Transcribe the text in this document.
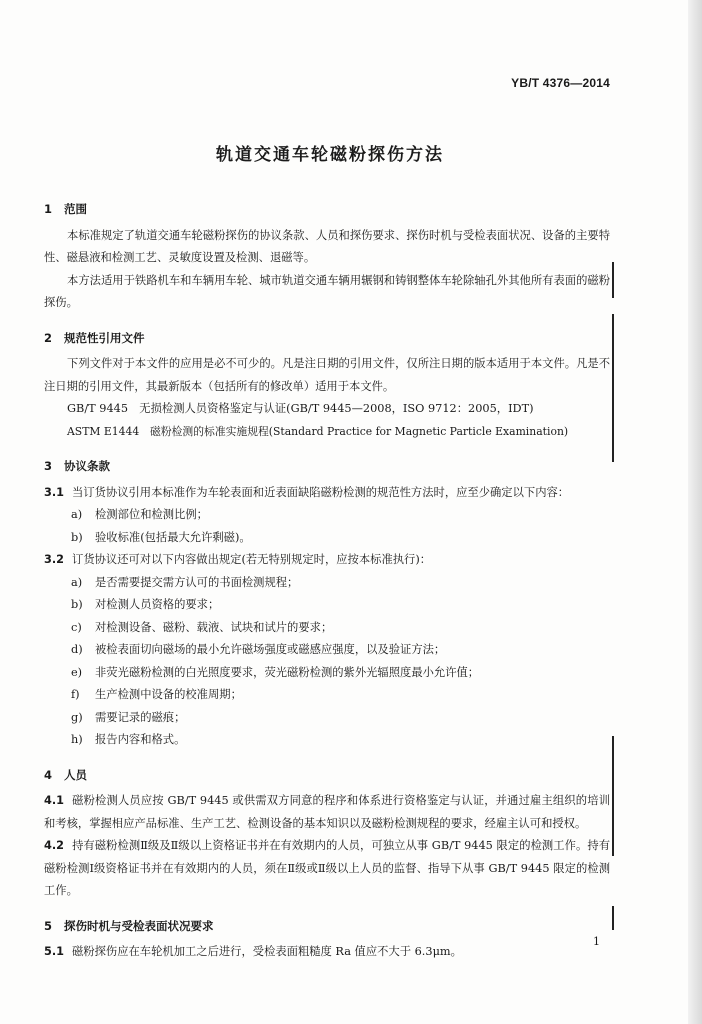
YB/T 4376—2014
轨道交通车轮磁粉探伤方法
1 范围

本标准规定了轨道交通车轮磁粉探伤的协议条款、人员和探伤要求、探伤时机与受检表面状况、设备的主要特性、磁悬液和检测工艺、灵敏度设置及检测、退磁等。

本方法适用于铁路机车和车辆用车轮、城市轨道交通车辆用辗钢和铸钢整体车轮除轴孔外其他所有表面的磁粉探伤。

2 规范性引用文件

下列文件对于本文件的应用是必不可少的。凡是注日期的引用文件，仅所注日期的版本适用于本文件。凡是不注日期的引用文件，其最新版本（包括所有的修改单）适用于本文件。

GB/T 9445　无损检测人员资格鉴定与认证(GB/T 9445—2008，ISO 9712：2005，IDT)

ASTM E1444　磁粉检测的标准实施规程(Standard Practice for Magnetic Particle Examination)

3 协议条款

3.1 当订货协议引用本标准作为车轮表面和近表面缺陷磁粉检测的规范性方法时，应至少确定以下内容：

a) 检测部位和检测比例；

b) 验收标准(包括最大允许剩磁)。

3.2 订货协议还可对以下内容做出规定(若无特别规定时，应按本标准执行)：

a) 是否需要提交需方认可的书面检测规程；

b) 对检测人员资格的要求；

c) 对检测设备、磁粉、载液、试块和试片的要求；

d) 被检表面切向磁场的最小允许磁场强度或磁感应强度，以及验证方法；

e) 非荧光磁粉检测的白光照度要求，荧光磁粉检测的紫外光辐照度最小允许值；

f) 生产检测中设备的校准周期；

g) 需要记录的磁痕；

h) 报告内容和格式。

4 人员

4.1 磁粉检测人员应按 GB/T 9445 或供需双方同意的程序和体系进行资格鉴定与认证，并通过雇主组织的培训和考核，掌握相应产品标准、生产工艺、检测设备的基本知识以及磁粉检测规程的要求，经雇主认可和授权。

4.2 持有磁粉检测Ⅱ级及Ⅱ级以上资格证书并在有效期内的人员，可独立从事 GB/T 9445 限定的检测工作。持有磁粉检测Ⅰ级资格证书并在有效期内的人员，须在Ⅱ级或Ⅱ级以上人员的监督、指导下从事 GB/T 9445 限定的检测工作。

5 探伤时机与受检表面状况要求

5.1 磁粉探伤应在车轮机加工之后进行，受检表面粗糙度 Ra 值应不大于 6.3μm。

1
